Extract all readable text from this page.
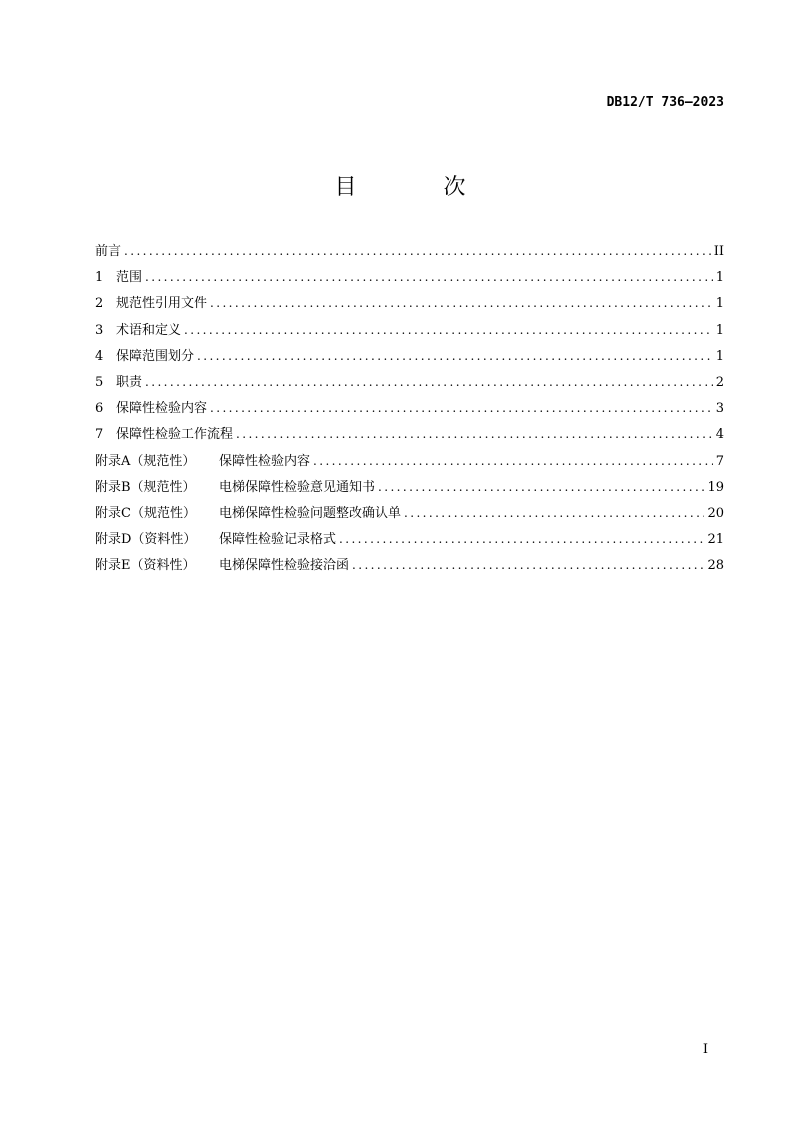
DB12/T 736—2023
目 次
前言 .....	II
1 范围 .....	1
2 规范性引用文件 .....	1
3 术语和定义 .....	1
4 保障范围划分 .....	1
5 职责 .....	2
6 保障性检验内容 .....	3
7 保障性检验工作流程 .....	4
附录A（规范性）	保障性检验内容 .....	7
附录B（规范性）	电梯保障性检验意见通知书 .....	19
附录C（规范性）	电梯保障性检验问题整改确认单 .....	20
附录D（资料性）	保障性检验记录格式 .....	21
附录E（资料性）	电梯保障性检验接洽函 .....	28
I
